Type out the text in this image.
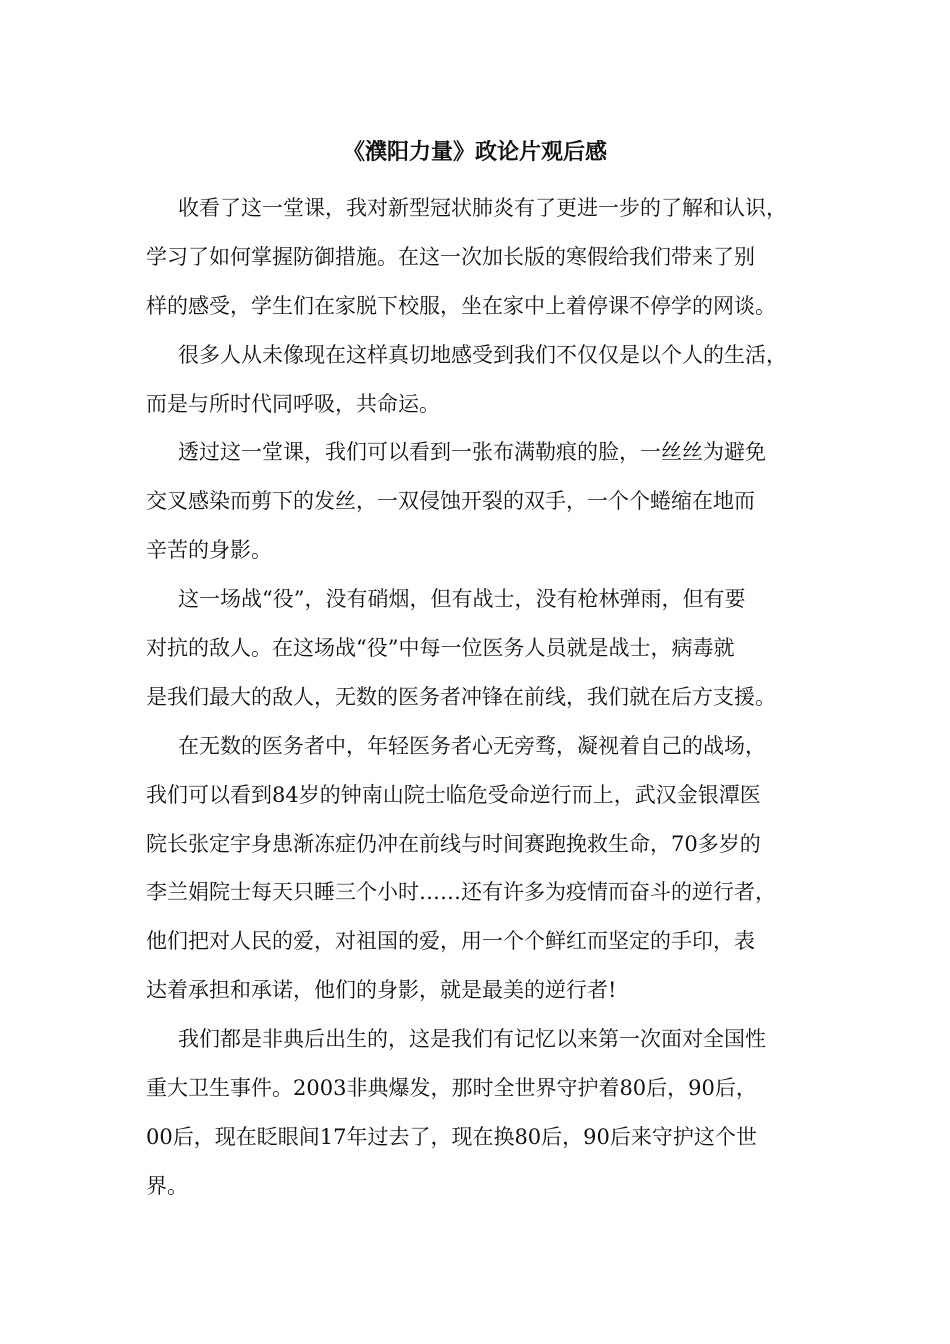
《濮阳力量》政论片观后感
收看了这一堂课，我对新型冠状肺炎有了更进一步的了解和认识，
学习了如何掌握防御措施。在这一次加长版的寒假给我们带来了别
样的感受，学生们在家脱下校服，坐在家中上着停课不停学的网谈。
很多人从未像现在这样真切地感受到我们不仅仅是以个人的生活，
而是与所时代同呼吸，共命运。
透过这一堂课，我们可以看到一张布满勒痕的脸，一丝丝为避免
交叉感染而剪下的发丝，一双侵蚀开裂的双手，一个个蜷缩在地而
辛苦的身影。
这一场战“役”，没有硝烟，但有战士，没有枪林弹雨，但有要
对抗的敌人。在这场战“役”中每一位医务人员就是战士，病毒就
是我们最大的敌人，无数的医务者冲锋在前线，我们就在后方支援。
在无数的医务者中，年轻医务者心无旁骛，凝视着自己的战场，
我们可以看到84岁的钟南山院士临危受命逆行而上，武汉金银潭医
院长张定宇身患渐冻症仍冲在前线与时间赛跑挽救生命，70多岁的
李兰娟院士每天只睡三个小时……还有许多为疫情而奋斗的逆行者，
他们把对人民的爱，对祖国的爱，用一个个鲜红而坚定的手印，表
达着承担和承诺，他们的身影，就是最美的逆行者!
我们都是非典后出生的，这是我们有记忆以来第一次面对全国性
重大卫生事件。2003非典爆发，那时全世界守护着80后，90后，
00后，现在眨眼间17年过去了，现在换80后，90后来守护这个世
界。
